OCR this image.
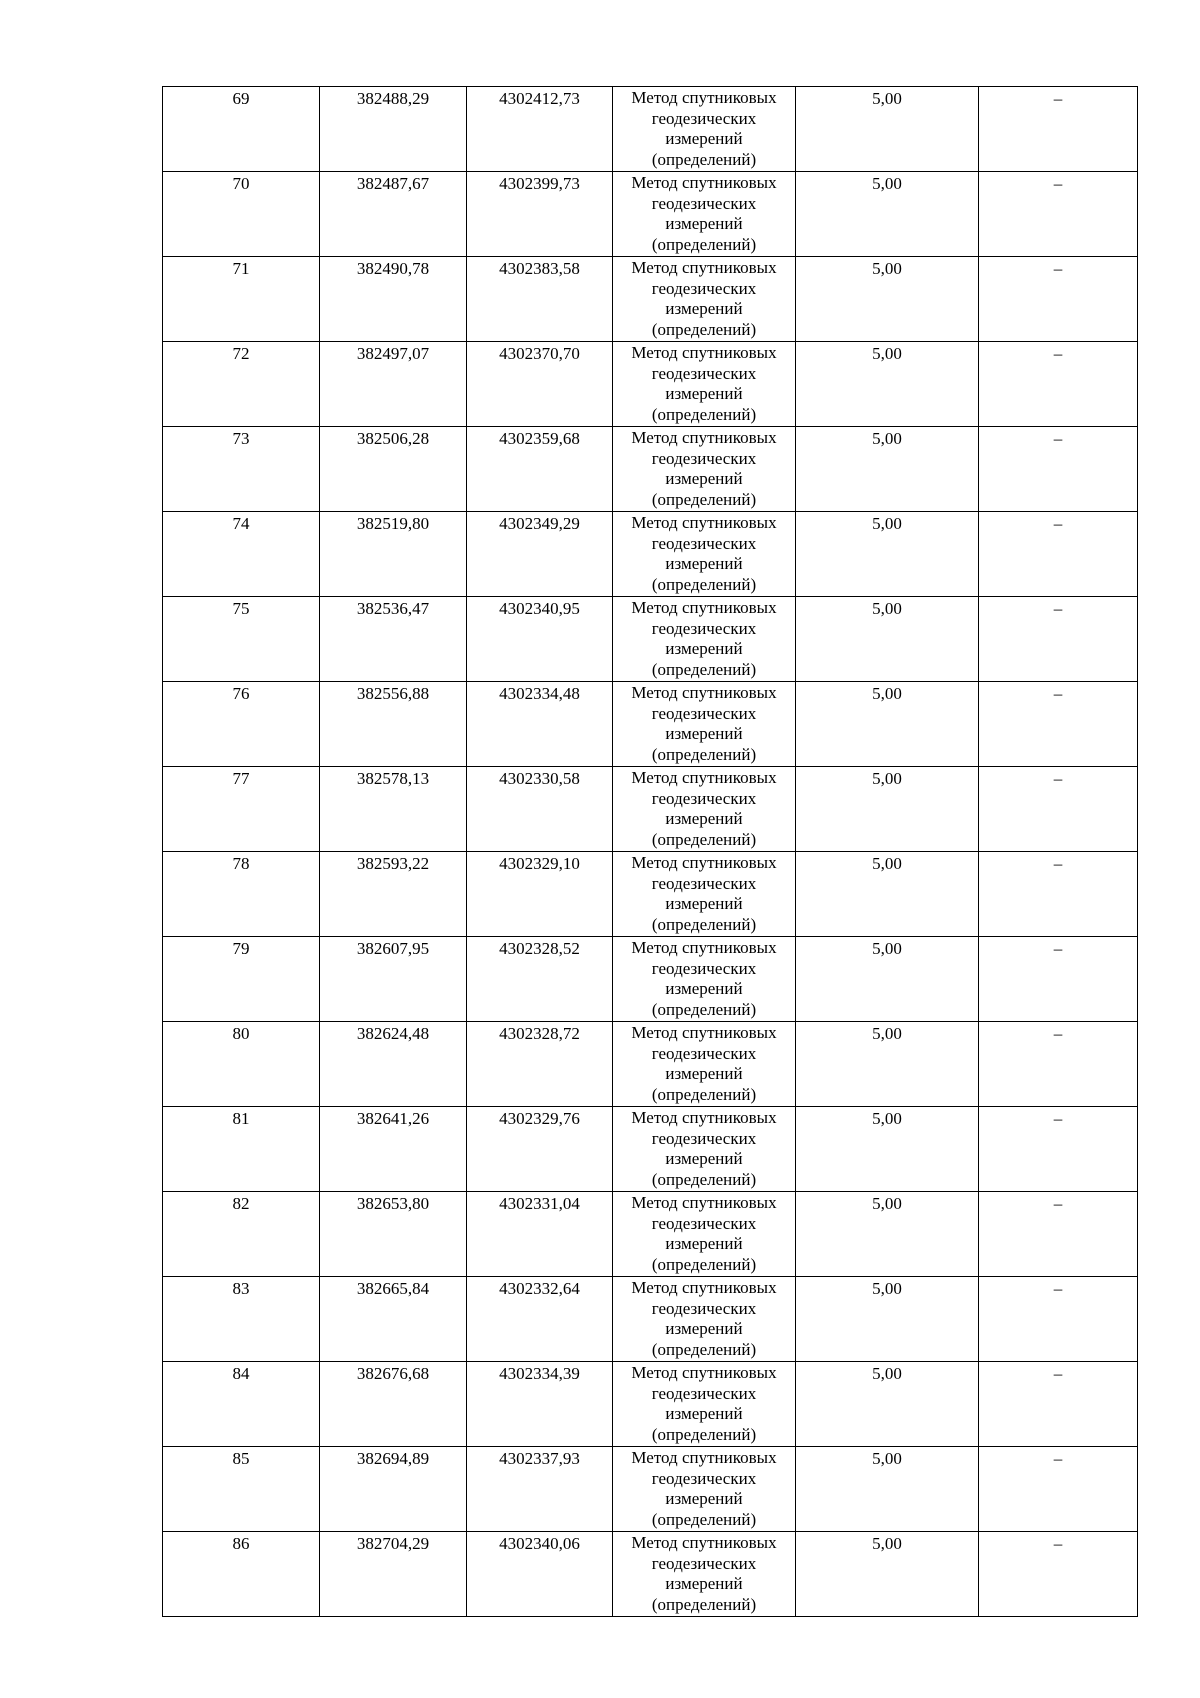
69	382488,29	4302412,73	Метод спутниковых геодезических измерений (определений)	5,00	–

70	382487,67	4302399,73	Метод спутниковых геодезических измерений (определений)	5,00	–

71	382490,78	4302383,58	Метод спутниковых геодезических измерений (определений)	5,00	–

72	382497,07	4302370,70	Метод спутниковых геодезических измерений (определений)	5,00	–

73	382506,28	4302359,68	Метод спутниковых геодезических измерений (определений)	5,00	–

74	382519,80	4302349,29	Метод спутниковых геодезических измерений (определений)	5,00	–

75	382536,47	4302340,95	Метод спутниковых геодезических измерений (определений)	5,00	–

76	382556,88	4302334,48	Метод спутниковых геодезических измерений (определений)	5,00	–

77	382578,13	4302330,58	Метод спутниковых геодезических измерений (определений)	5,00	–

78	382593,22	4302329,10	Метод спутниковых геодезических измерений (определений)	5,00	–

79	382607,95	4302328,52	Метод спутниковых геодезических измерений (определений)	5,00	–

80	382624,48	4302328,72	Метод спутниковых геодезических измерений (определений)	5,00	–

81	382641,26	4302329,76	Метод спутниковых геодезических измерений (определений)	5,00	–

82	382653,80	4302331,04	Метод спутниковых геодезических измерений (определений)	5,00	–

83	382665,84	4302332,64	Метод спутниковых геодезических измерений (определений)	5,00	–

84	382676,68	4302334,39	Метод спутниковых геодезических измерений (определений)	5,00	–

85	382694,89	4302337,93	Метод спутниковых геодезических измерений (определений)	5,00	–

86	382704,29	4302340,06	Метод спутниковых геодезических измерений (определений)	5,00	–
